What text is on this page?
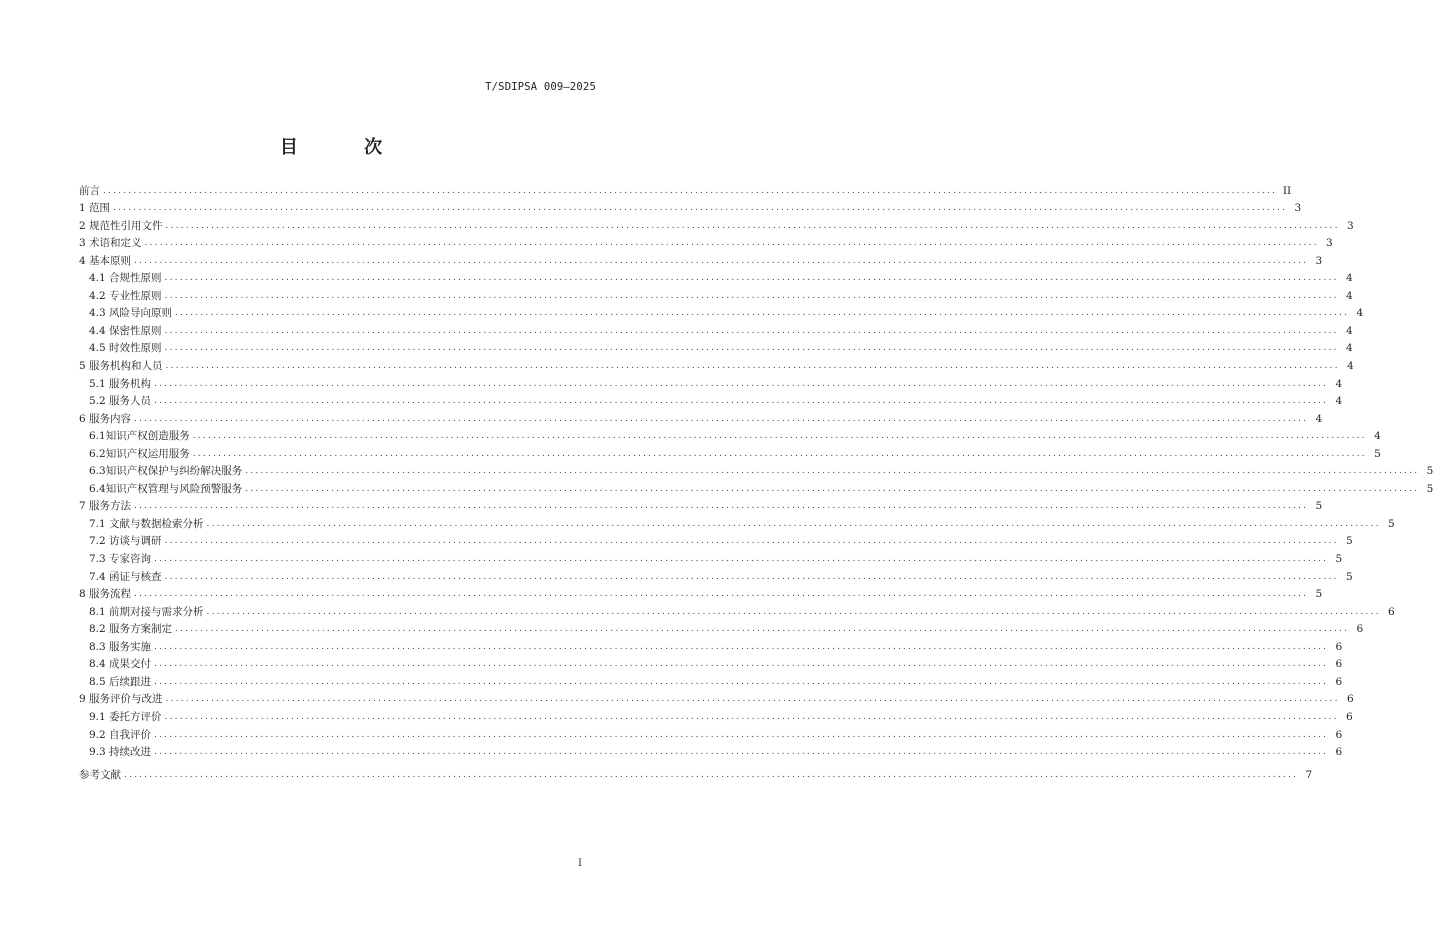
T/SDIPSA 009—2025
目 次
前言 ........................................................................................................................................................................................................................................ II
1 范围 ........................................................................................................................................................................................................................................ 3
2 规范性引用文件 ........................................................................................................................................................................................................................................ 3
3 术语和定义 ........................................................................................................................................................................................................................................ 3
4 基本原则 ........................................................................................................................................................................................................................................ 3
4.1 合规性原则 ........................................................................................................................................................................................................................................ 4
4.2 专业性原则 ........................................................................................................................................................................................................................................ 4
4.3 风险导向原则 ........................................................................................................................................................................................................................................ 4
4.4 保密性原则 ........................................................................................................................................................................................................................................ 4
4.5 时效性原则 ........................................................................................................................................................................................................................................ 4
5 服务机构和人员 ........................................................................................................................................................................................................................................ 4
5.1 服务机构 ........................................................................................................................................................................................................................................ 4
5.2 服务人员 ........................................................................................................................................................................................................................................ 4
6 服务内容 ........................................................................................................................................................................................................................................ 4
6.1知识产权创造服务 ........................................................................................................................................................................................................................................ 4
6.2知识产权运用服务 ........................................................................................................................................................................................................................................ 5
6.3知识产权保护与纠纷解决服务 ........................................................................................................................................................................................................................................ 5
6.4知识产权管理与风险预警服务 ........................................................................................................................................................................................................................................ 5
7 服务方法 ........................................................................................................................................................................................................................................ 5
7.1 文献与数据检索分析 ........................................................................................................................................................................................................................................ 5
7.2 访谈与调研 ........................................................................................................................................................................................................................................ 5
7.3 专家咨询 ........................................................................................................................................................................................................................................ 5
7.4 函证与核查 ........................................................................................................................................................................................................................................ 5
8 服务流程 ........................................................................................................................................................................................................................................ 5
8.1 前期对接与需求分析 ........................................................................................................................................................................................................................................ 6
8.2 服务方案制定 ........................................................................................................................................................................................................................................ 6
8.3 服务实施 ........................................................................................................................................................................................................................................ 6
8.4 成果交付 ........................................................................................................................................................................................................................................ 6
8.5 后续跟进 ........................................................................................................................................................................................................................................ 6
9 服务评价与改进 ........................................................................................................................................................................................................................................ 6
9.1 委托方评价 ........................................................................................................................................................................................................................................ 6
9.2 自我评价 ........................................................................................................................................................................................................................................ 6
9.3 持续改进 ........................................................................................................................................................................................................................................ 6
参考文献 ........................................................................................................................................................................................................................................ 7
I
